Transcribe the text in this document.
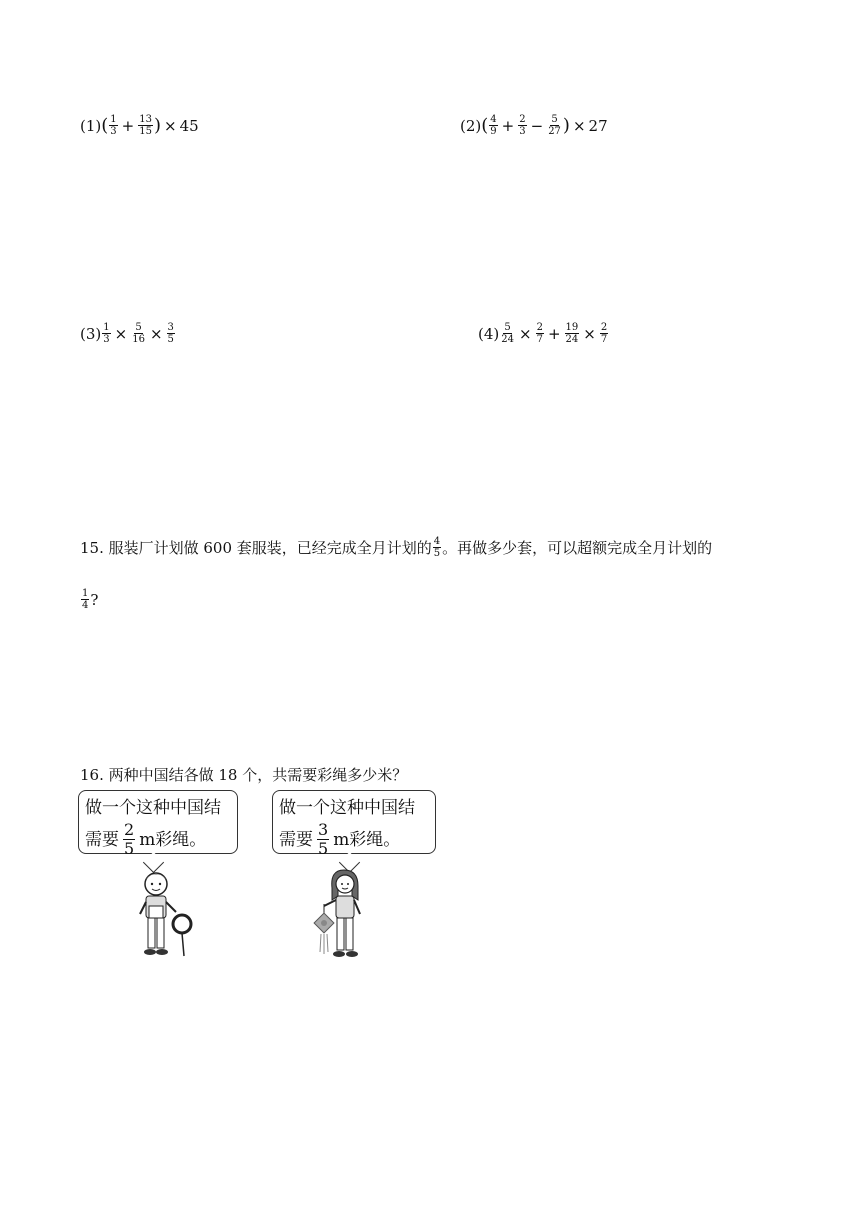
(1) ( $\frac{1}{3} + \frac{13}{15}$ ) × 45	(2) ( $\frac{4}{9} + \frac{2}{3} - \frac{5}{27}$ ) × 27
$(3) \frac{1}{3} \times \frac{5}{16} \times \frac{3}{5}$	$(4) \frac{5}{24} \times \frac{2}{7} + \frac{19}{24} \times \frac{2}{7}$
15. 服装厂计划做 600 套服装，已经完成全月计划的 $\frac{4}{5}$ 。再做多少套，可以超额完成全月计划的
$\frac{1}{4}$ ?
16. 两种中国结各做 18 个，共需要彩绳多少米？
做一个这种中国结
需要 $\frac{2}{5}$ m彩绳。
做一个这种中国结
需要 $\frac{3}{5}$ m彩绳。
